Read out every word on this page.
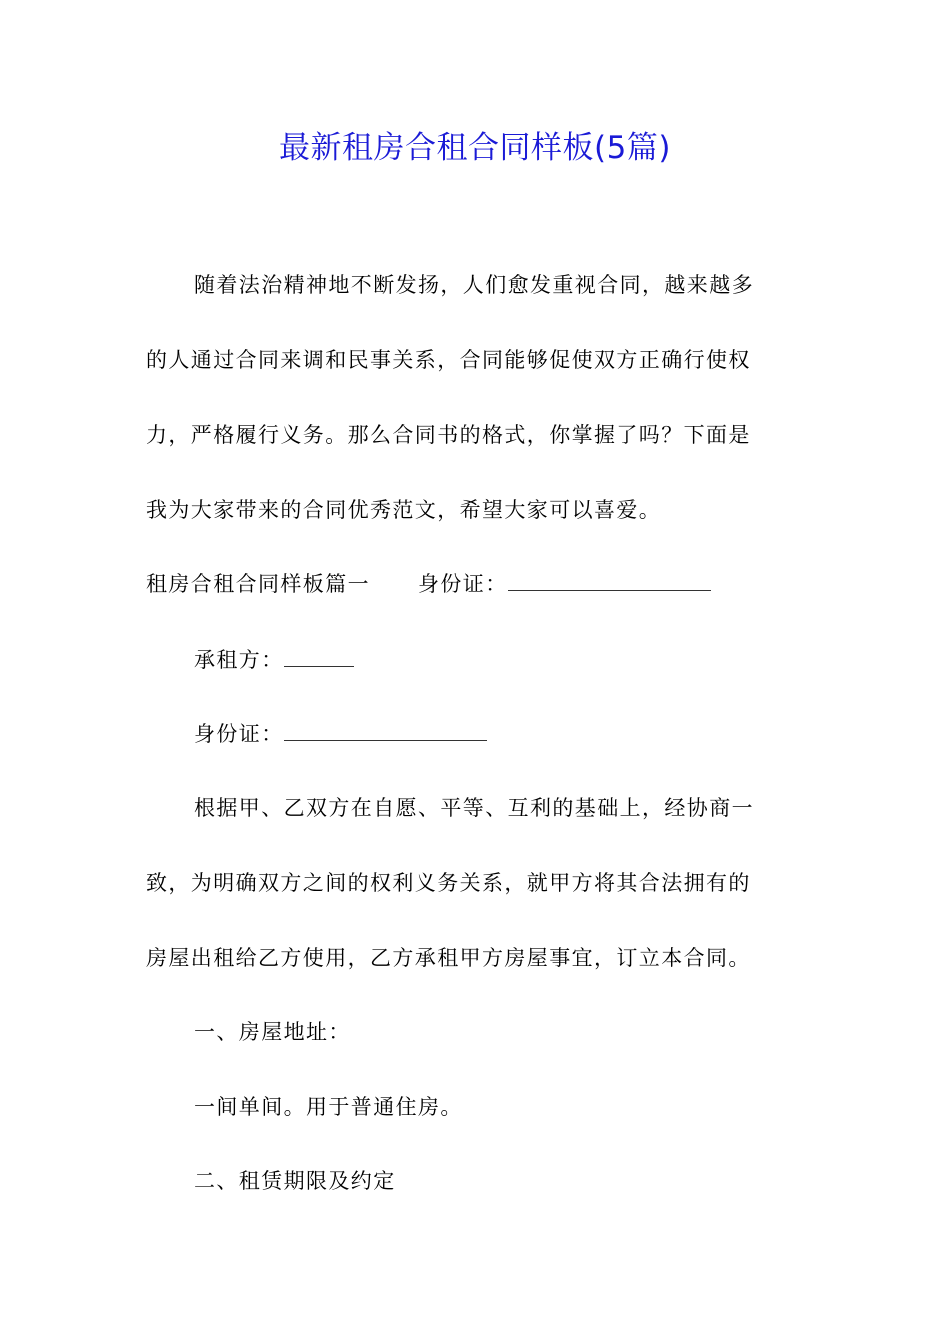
最新租房合租合同样板(5篇)
随着法治精神地不断发扬，人们愈发重视合同，越来越多
的人通过合同来调和民事关系，合同能够促使双方正确行使权
力，严格履行义务。那么合同书的格式，你掌握了吗？下面是
我为大家带来的合同优秀范文，希望大家可以喜爱。
租房合租合同样板篇一 身份证：
承租方：
身份证：
根据甲、乙双方在自愿、平等、互利的基础上，经协商一
致，为明确双方之间的权利义务关系，就甲方将其合法拥有的
房屋出租给乙方使用，乙方承租甲方房屋事宜，订立本合同。
一、房屋地址：
一间单间。用于普通住房。
二、租赁期限及约定
